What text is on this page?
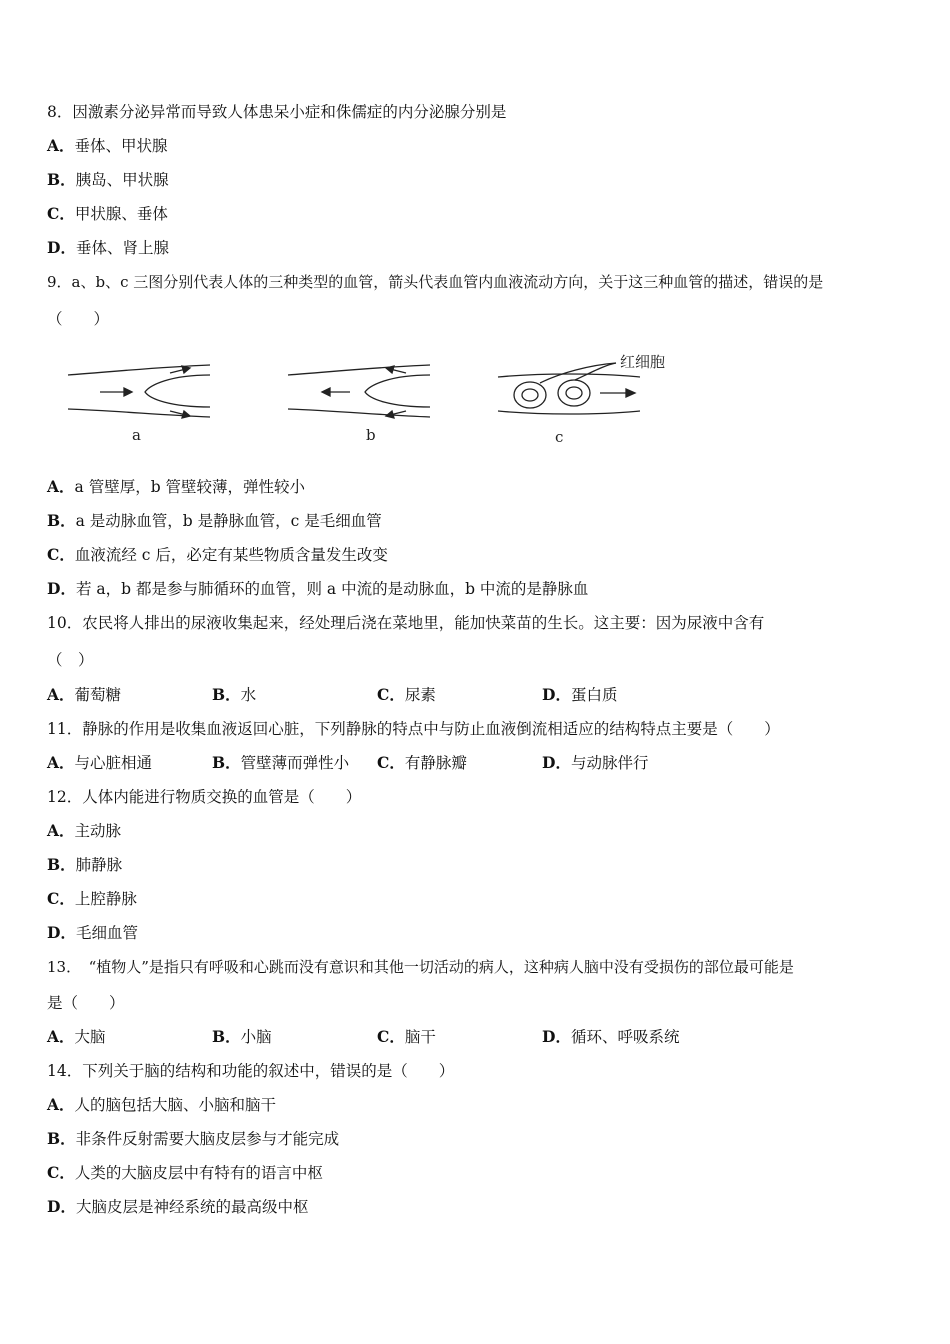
8．因激素分泌异常而导致人体患呆小症和侏儒症的内分泌腺分别是
A．垂体、甲状腺
B．胰岛、甲状腺
C．甲状腺、垂体
D．垂体、肾上腺
9．a、b、c 三图分别代表人体的三种类型的血管，箭头代表血管内血液流动方向，关于这三种血管的描述，错误的是
（　　）
a	b
红细胞
c
A．a 管壁厚，b 管壁较薄，弹性较小
B．a 是动脉血管，b 是静脉血管，c 是毛细血管
C．血液流经 c 后，必定有某些物质含量发生改变
D．若 a，b 都是参与肺循环的血管，则 a 中流的是动脉血，b 中流的是静脉血
10．农民将人排出的尿液收集起来，经处理后浇在菜地里，能加快菜苗的生长。这主要：因为尿液中含有
（　）
A．葡萄糖	B．水	C．尿素	D．蛋白质
11．静脉的作用是收集血液返回心脏，下列静脉的特点中与防止血液倒流相适应的结构特点主要是（　　）
A．与心脏相通	B．管壁薄而弹性小 C．有静脉瓣	D．与动脉伴行
12．人体内能进行物质交换的血管是（　　）
A．主动脉
B．肺静脉
C．上腔静脉
D．毛细血管
13．　“植物人”是指只有呼吸和心跳而没有意识和其他一切活动的病人，这种病人脑中没有受损伤的部位最可能是
是（　　）
A．大脑	B．小脑	C．脑干	D．循环、呼吸系统
14．下列关于脑的结构和功能的叙述中，错误的是（　　）
A．人的脑包括大脑、小脑和脑干
B．非条件反射需要大脑皮层参与才能完成
C．人类的大脑皮层中有特有的语言中枢
D．大脑皮层是神经系统的最高级中枢
